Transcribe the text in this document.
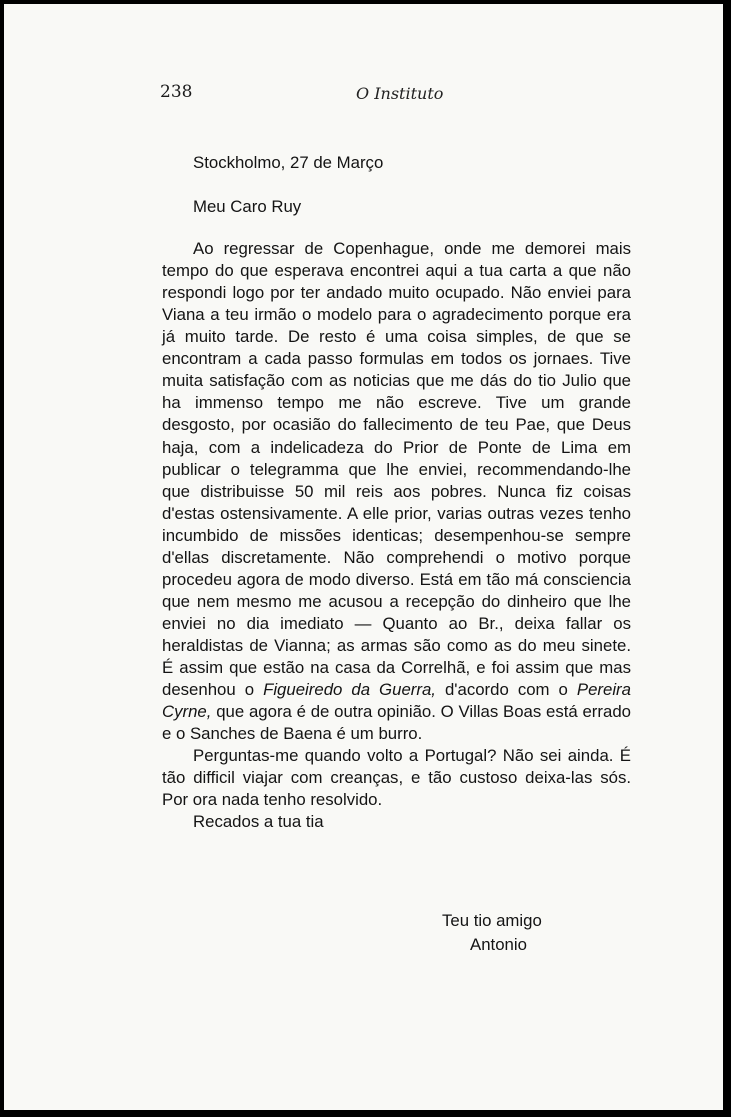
238	O Instituto

Stockholmo, 27 de Março

Meu Caro Ruy

Ao regressar de Copenhague, onde me demorei mais tempo do que esperava encontrei aqui a tua carta a que não respondi logo por ter andado muito ocupado. Não enviei para Viana a teu irmão o modelo para o agradecimento porque era já muito tarde. De resto é uma coisa simples, de que se encontram a cada passo formulas em todos os jornaes. Tive muita satisfação com as noticias que me dás do tio Julio que ha immenso tempo me não escreve. Tive um grande desgosto, por ocasião do fallecimento de teu Pae, que Deus haja, com a indelicadeza do Prior de Ponte de Lima em publicar o telegramma que lhe enviei, recommendando-lhe que distribuisse 50 mil reis aos pobres. Nunca fiz coisas d'estas ostensivamente. A elle prior, varias outras vezes tenho incumbido de missões identicas; desempenhou-se sempre d'ellas discretamente. Não comprehendi o motivo porque procedeu agora de modo diverso. Está em tão má consciencia que nem mesmo me acusou a recepção do dinheiro que lhe enviei no dia imediato — Quanto ao Br., deixa fallar os heraldistas de Vianna; as armas são como as do meu sinete. É assim que estão na casa da Correlhã, e foi assim que mas desenhou o Figueiredo da Guerra, d'acordo com o Pereira Cyrne, que agora é de outra opinião. O Villas Boas está errado e o Sanches de Baena é um burro.

Perguntas-me quando volto a Portugal? Não sei ainda. É tão difficil viajar com creanças, e tão custoso deixa-las sós. Por ora nada tenho resolvido.

Recados a tua tia

Teu tio amigo
Antonio
